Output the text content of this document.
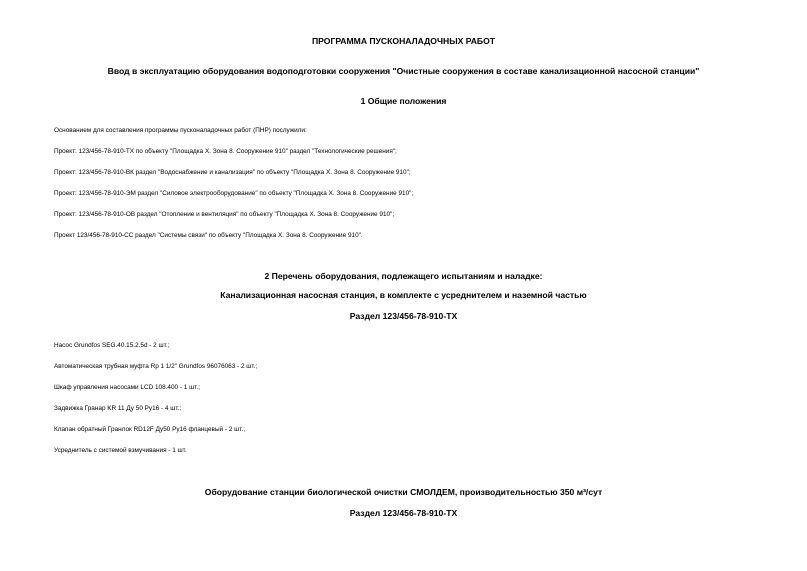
ПРОГРАММА ПУСКОНАЛАДОЧНЫХ РАБОТ
Ввод в эксплуатацию оборудования водоподготовки сооружения "Очистные сооружения в составе канализационной насосной станции"
1 Общие положения
Основанием для составления программы пусконаладочных работ (ПНР) послужили:
Проект: 123/456-78-910-ТХ по объекту "Площадка X. Зона 8. Сооружение 910" раздел "Технологические решения";
Проект: 123/456-78-910-ВК раздел "Водоснабжение и канализация" по объекту "Площадка X. Зона 8. Сооружение 910";
Проект: 123/456-78-910-ЭМ раздел "Силовое электрооборудование" по объекту "Площадка X. Зона 8. Сооружение 910";
Проект: 123/456-78-910-ОВ раздел "Отопление и вентиляция" по объекту "Площадка X. Зона 8. Сооружение 910";
Проект 123/456-78-910-СС раздел "Системы связи" по объекту "Площадка X. Зона 8. Сооружение 910".
2 Перечень оборудования, подлежащего испытаниям и наладке:
Канализационная насосная станция, в комплекте с усреднителем и наземной частью
Раздел 123/456-78-910-ТХ
Насос Grundfos SEG.40.15.2.5d - 2 шт.;
Автоматическая трубная муфта Rp 1 1/2" Grundfos 96076063 - 2 шт.;
Шкаф управления насосами LCD 108.400 - 1 шт.;
Задвижка Гранар KR 11 Ду 50 Ру16 - 4 шт.;
Клапан обратный Гранлок RD12F Ду50 Ру16 фланцевый - 2 шт.;
Усреднитель с системой взмучивания - 1 шт.
Оборудование станции биологической очистки СМОЛДЕМ, производительностью 350 м³/сут
Раздел 123/456-78-910-ТХ
